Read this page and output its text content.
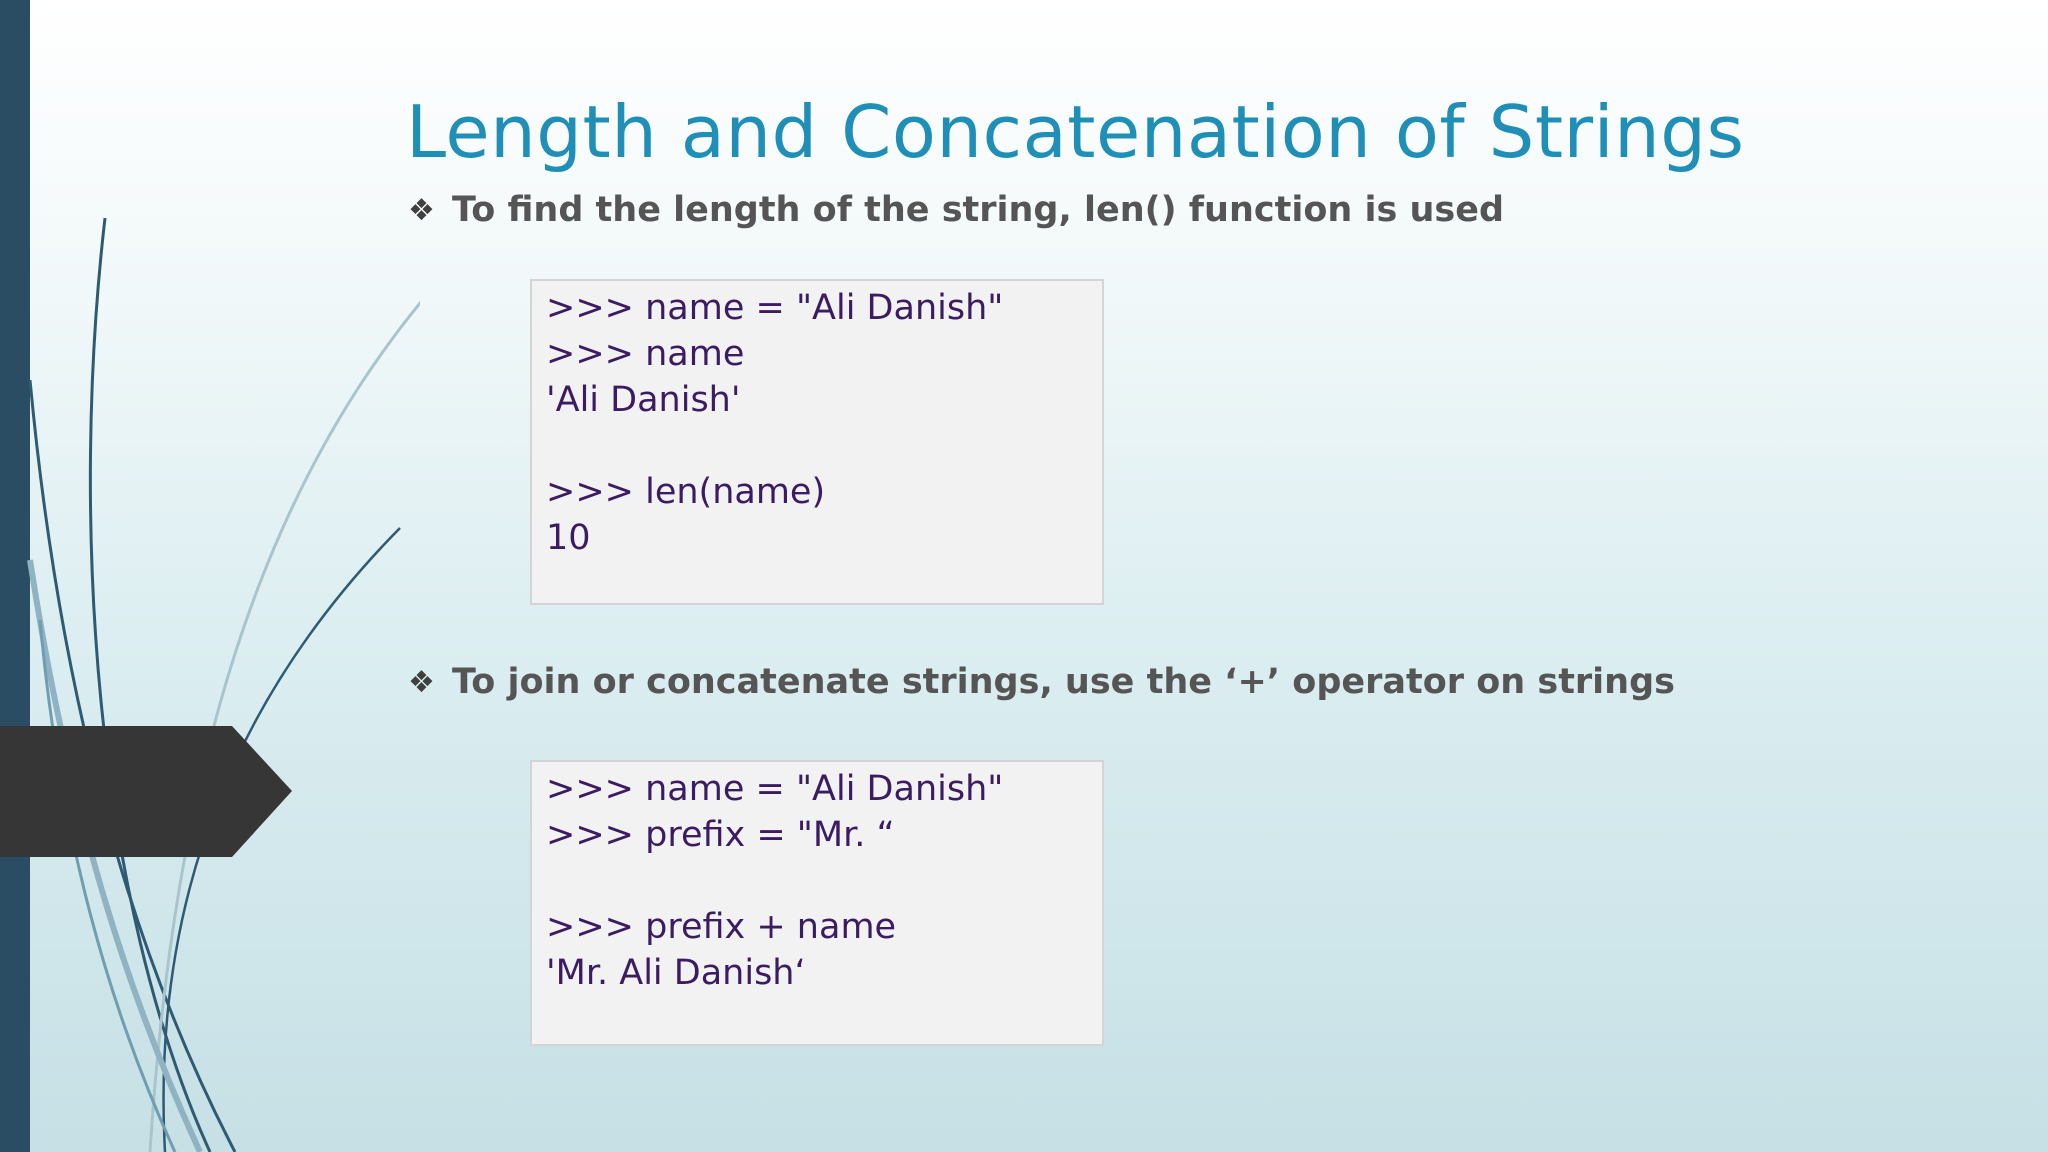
Length and Concatenation of Strings
❖ To find the length of the string, len() function is used
>>> name = "Ali Danish"
>>> name
'Ali Danish'
>>> len(name)
10
❖ To join or concatenate strings, use the ‘+’ operator on strings
>>> name = "Ali Danish"
>>> prefix = "Mr. “
>>> prefix + name
'Mr. Ali Danish‘
